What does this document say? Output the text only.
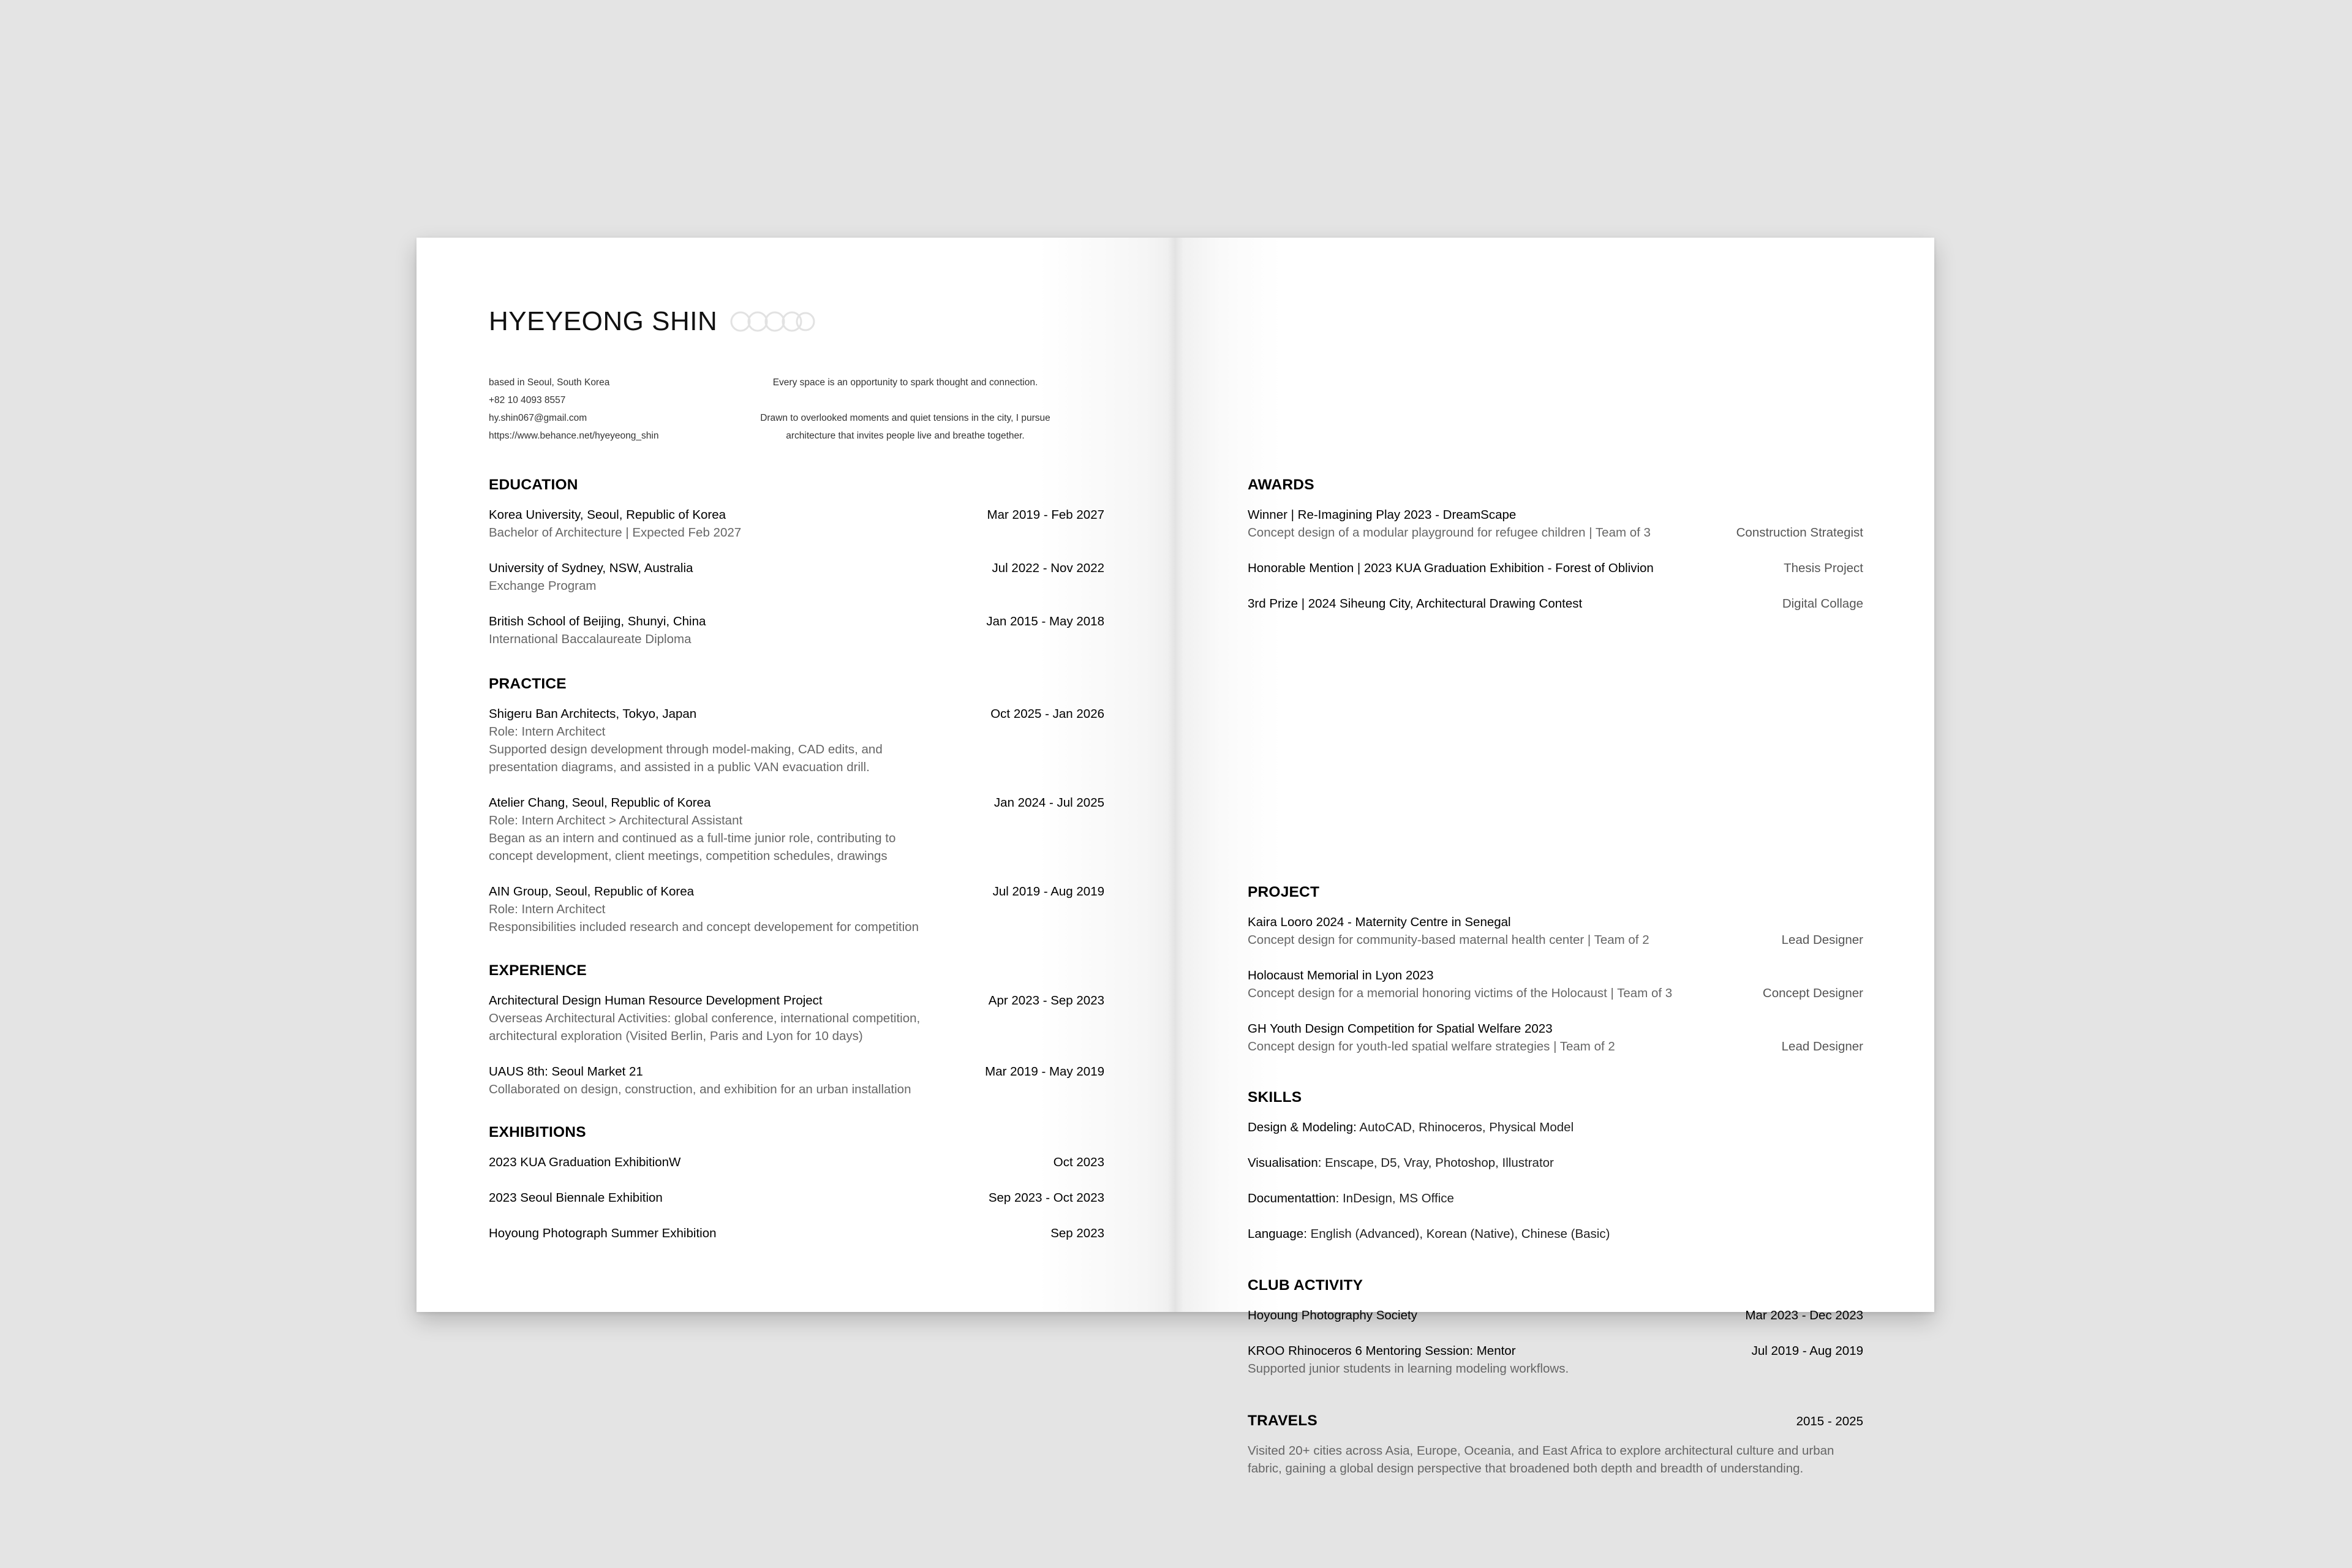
HYEYEONG SHIN
based in Seoul, South Korea
+82 10 4093 8557
hy.shin067@gmail.com
https://www.behance.net/hyeyeong_shin
Every space is an opportunity to spark thought and connection.
Drawn to overlooked moments and quiet tensions in the city, I pursue
architecture that invites people live and breathe together.
EDUCATION
Korea University, Seoul, Republic of Korea	Mar 2019 - Feb 2027
Bachelor of Architecture | Expected Feb 2027
University of Sydney, NSW, Australia	Jul 2022 - Nov 2022
Exchange Program
British School of Beijing, Shunyi, China	Jan 2015 - May 2018
International Baccalaureate Diploma
PRACTICE
Shigeru Ban Architects, Tokyo, Japan	Oct 2025 - Jan 2026
Role: Intern Architect
Supported design development through model-making, CAD edits, and
presentation diagrams, and assisted in a public VAN evacuation drill.
Atelier Chang, Seoul, Republic of Korea	Jan 2024 - Jul 2025
Role: Intern Architect > Architectural Assistant
Began as an intern and continued as a full-time junior role, contributing to
concept development, client meetings, competition schedules, drawings
AIN Group, Seoul, Republic of Korea	Jul 2019 - Aug 2019
Role: Intern Architect
Responsibilities included research and concept developement for competition
EXPERIENCE
Architectural Design Human Resource Development Project	Apr 2023 - Sep 2023
Overseas Architectural Activities: global conference, international competition,
architectural exploration (Visited Berlin, Paris and Lyon for 10 days)
UAUS 8th: Seoul Market 21	Mar 2019 - May 2019
Collaborated on design, construction, and exhibition for an urban installation
EXHIBITIONS
2023 KUA Graduation ExhibitionW	Oct 2023
2023 Seoul Biennale Exhibition	Sep 2023 - Oct 2023
Hoyoung Photograph Summer Exhibition	Sep 2023
AWARDS
Winner | Re-Imagining Play 2023 - DreamScape
Concept design of a modular playground for refugee children | Team of 3	Construction Strategist
Honorable Mention | 2023 KUA Graduation Exhibition - Forest of Oblivion	Thesis Project
3rd Prize | 2024 Siheung City, Architectural Drawing Contest	Digital Collage
PROJECT
Kaira Looro 2024 - Maternity Centre in Senegal
Concept design for community-based maternal health center | Team of 2	Lead Designer
Holocaust Memorial in Lyon 2023
Concept design for a memorial honoring victims of the Holocaust | Team of 3	Concept Designer
GH Youth Design Competition for Spatial Welfare 2023
Concept design for youth-led spatial welfare strategies | Team of 2	Lead Designer
SKILLS
Design & Modeling: AutoCAD, Rhinoceros, Physical Model
Visualisation: Enscape, D5, Vray, Photoshop, Illustrator
Documentattion: InDesign, MS Office
Language: English (Advanced), Korean (Native), Chinese (Basic)
CLUB ACTIVITY
Hoyoung Photography Society	Mar 2023 - Dec 2023
KROO Rhinoceros 6 Mentoring Session: Mentor	Jul 2019 - Aug 2019
Supported junior students in learning modeling workflows.
TRAVELS	2015 - 2025
Visited 20+ cities across Asia, Europe, Oceania, and East Africa to explore architectural culture and urban
fabric, gaining a global design perspective that broadened both depth and breadth of understanding.
